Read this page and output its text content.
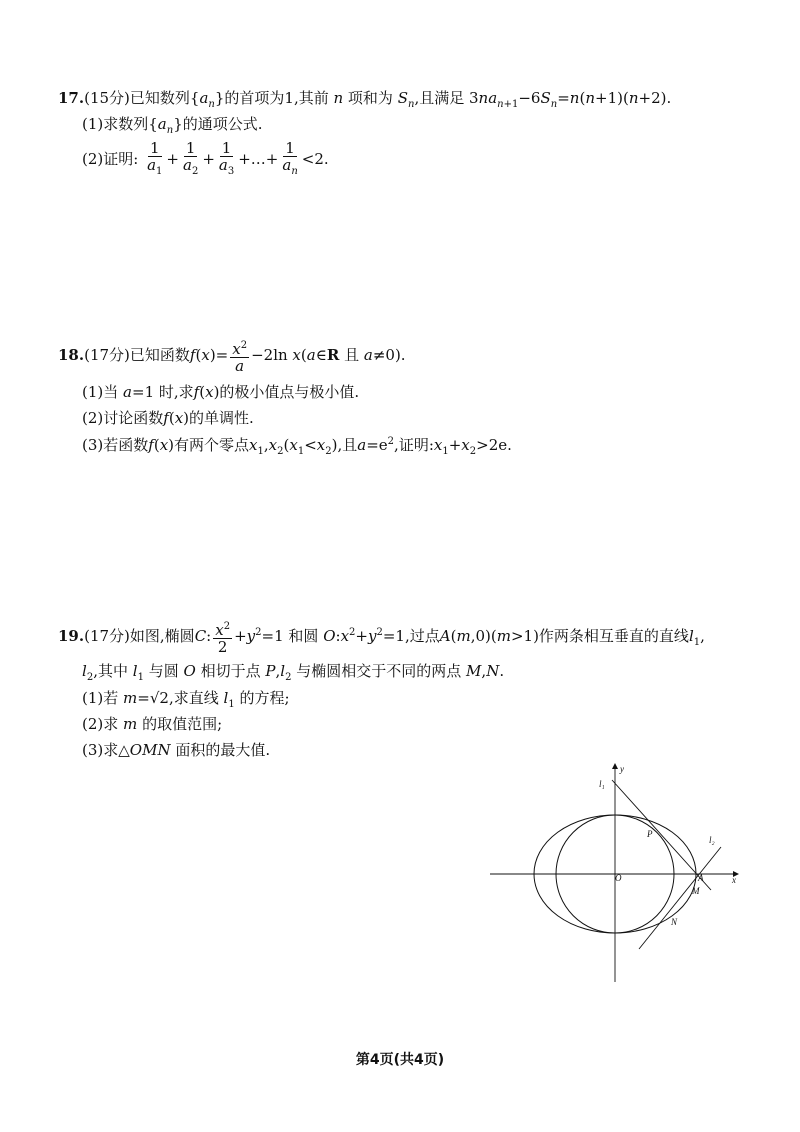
17.(15分)已知数列$\{a_n\}$的首项为1,其前 n 项和为 $S_n$,且满足 $3na_{n+1}-6S_n=n(n+1)(n+2)$.
(1)求数列$\{a_n\}$的通项公式.
(2)证明: $\frac{1}{a_1} + \frac{1}{a_2} + \frac{1}{a_3}$ +…+ $\frac{1}{a_n} <2$.
18.(17分)已知函数$f(x)= \frac{x^2}{a} -2\ln$ x(a∈R 且 a≠0).
(1)当 a=1 时,求f(x)的极小值点与极小值.
(2)讨论函数f(x)的单调性.
(3)若函数f(x)有两个零点$x_1,x_2(x_1<x_2)$,且$a=e^2$,证明$:x_1+x_2>2e$.
19.(17分)如图,椭圆C: $\frac{x^2}{2} +y^2=1$ 和圆 $O:x^2+y^2=1$,过点A(m,0)(m>1)作两条相互垂直的直线$l_1$,
$l_2$,其中 $l_1$ 与圆 O 相切于点 $P,l_2$ 与椭圆相交于不同的两点 M,N.
(1)若 m=√2,求直线 $l_1$ 的方程;
(2)求 m 的取值范围;
(3)求△OMN 面积的最大值.
y
x
O	A
P
M
N
l₁
l₂
第4页(共4页)
